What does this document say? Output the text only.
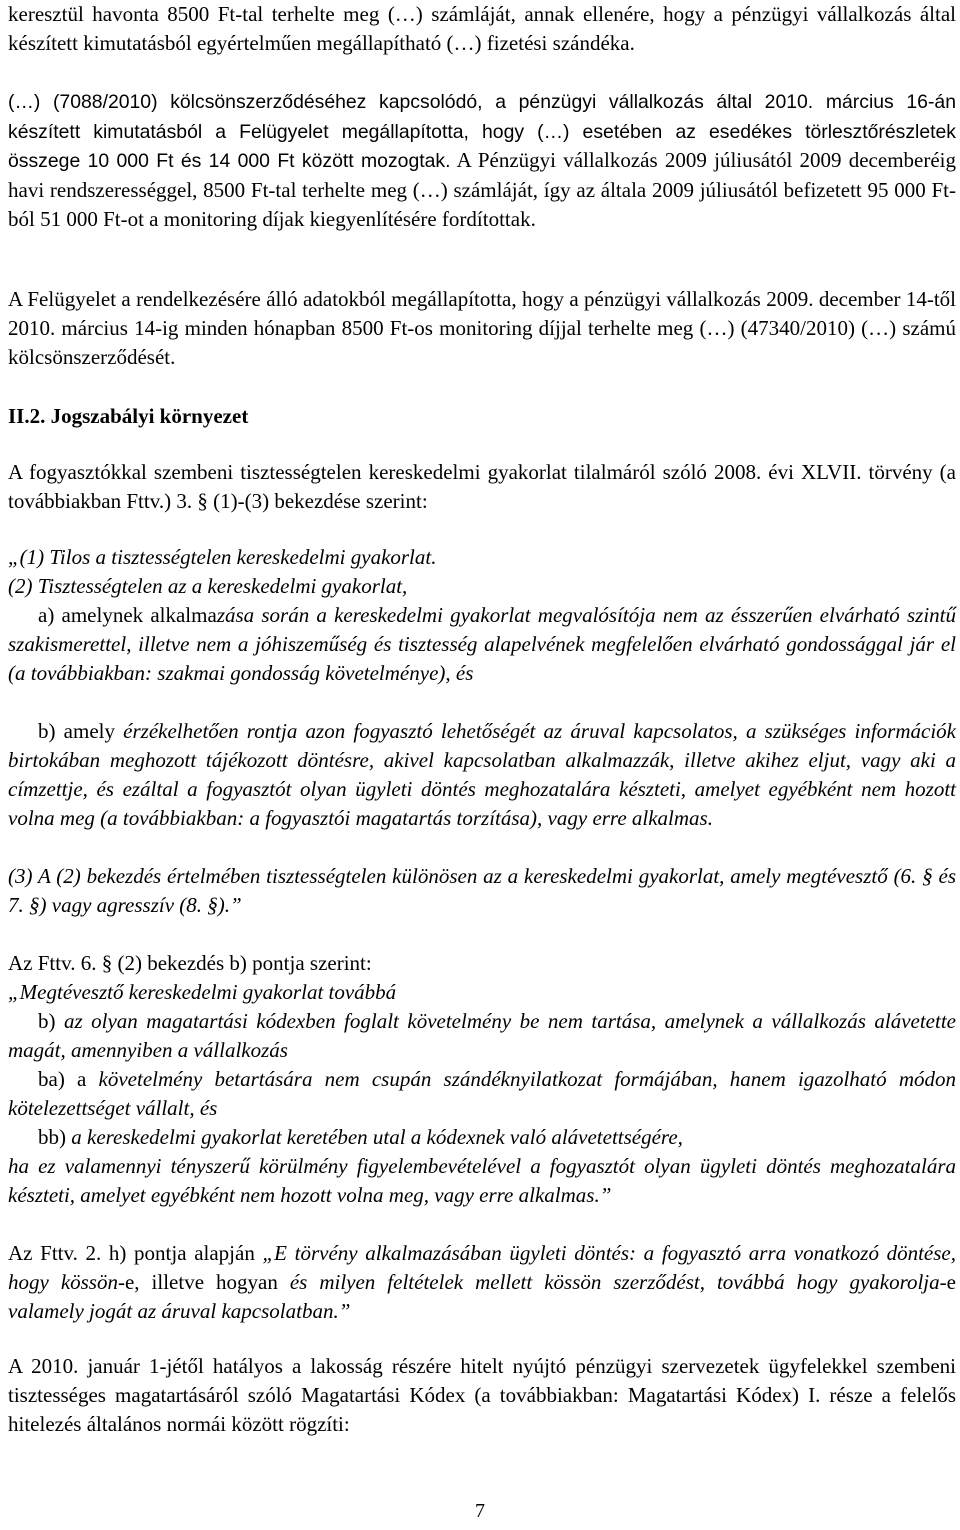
keresztül havonta 8500 Ft-tal terhelte meg (…) számláját, annak ellenére, hogy a pénzügyi vállalkozás által készített kimutatásból egyértelműen megállapítható (…) fizetési szándéka.

(…) (7088/2010) kölcsönszerződéséhez kapcsolódó, a pénzügyi vállalkozás által 2010. március 16-án készített kimutatásból a Felügyelet megállapította, hogy (…) esetében az esedékes törlesztőrészletek összege 10 000 Ft és 14 000 Ft között mozogtak. A Pénzügyi vállalkozás 2009 júliusától 2009 decemberéig havi rendszerességgel, 8500 Ft-tal terhelte meg (…) számláját, így az általa 2009 júliusától befizetett 95 000 Ft-ból 51 000 Ft-ot a monitoring díjak kiegyenlítésére fordítottak.

A Felügyelet a rendelkezésére álló adatokból megállapította, hogy a pénzügyi vállalkozás 2009. december 14-től 2010. március 14-ig minden hónapban 8500 Ft-os monitoring díjjal terhelte meg (…) (47340/2010) (…) számú kölcsönszerződését.

II.2. Jogszabályi környezet

A fogyasztókkal szembeni tisztességtelen kereskedelmi gyakorlat tilalmáról szóló 2008. évi XLVII. törvény (a továbbiakban Fttv.) 3. § (1)-(3) bekezdése szerint:

„(1) Tilos a tisztességtelen kereskedelmi gyakorlat.

(2) Tisztességtelen az a kereskedelmi gyakorlat,

a) amelynek alkalmazása során a kereskedelmi gyakorlat megvalósítója nem az ésszerűen elvárható szintű szakismerettel, illetve nem a jóhiszeműség és tisztesség alapelvének megfelelően elvárható gondossággal jár el (a továbbiakban: szakmai gondosság követelménye), és

b) amely érzékelhetően rontja azon fogyasztó lehetőségét az áruval kapcsolatos, a szükséges információk birtokában meghozott tájékozott döntésre, akivel kapcsolatban alkalmazzák, illetve akihez eljut, vagy aki a címzettje, és ezáltal a fogyasztót olyan ügyleti döntés meghozatalára készteti, amelyet egyébként nem hozott volna meg (a továbbiakban: a fogyasztói magatartás torzítása), vagy erre alkalmas.

(3) A (2) bekezdés értelmében tisztességtelen különösen az a kereskedelmi gyakorlat, amely megtévesztő (6. § és 7. §) vagy agresszív (8. §).”

Az Fttv. 6. § (2) bekezdés b) pontja szerint:

„Megtévesztő kereskedelmi gyakorlat továbbá

b) az olyan magatartási kódexben foglalt követelmény be nem tartása, amelynek a vállalkozás alávetette magát, amennyiben a vállalkozás

ba) a követelmény betartására nem csupán szándéknyilatkozat formájában, hanem igazolható módon kötelezettséget vállalt, és

bb) a kereskedelmi gyakorlat keretében utal a kódexnek való alávetettségére,

ha ez valamennyi tényszerű körülmény figyelembevételével a fogyasztót olyan ügyleti döntés meghozatalára készteti, amelyet egyébként nem hozott volna meg, vagy erre alkalmas.”

Az Fttv. 2. h) pontja alapján „E törvény alkalmazásában ügyleti döntés: a fogyasztó arra vonatkozó döntése, hogy kössön-e, illetve hogyan és milyen feltételek mellett kössön szerződést, továbbá hogy gyakorolja-e valamely jogát az áruval kapcsolatban.”

A 2010. január 1-jétől hatályos a lakosság részére hitelt nyújtó pénzügyi szervezetek ügyfelekkel szembeni tisztességes magatartásáról szóló Magatartási Kódex (a továbbiakban: Magatartási Kódex) I. része a felelős hitelezés általános normái között rögzíti:

7
